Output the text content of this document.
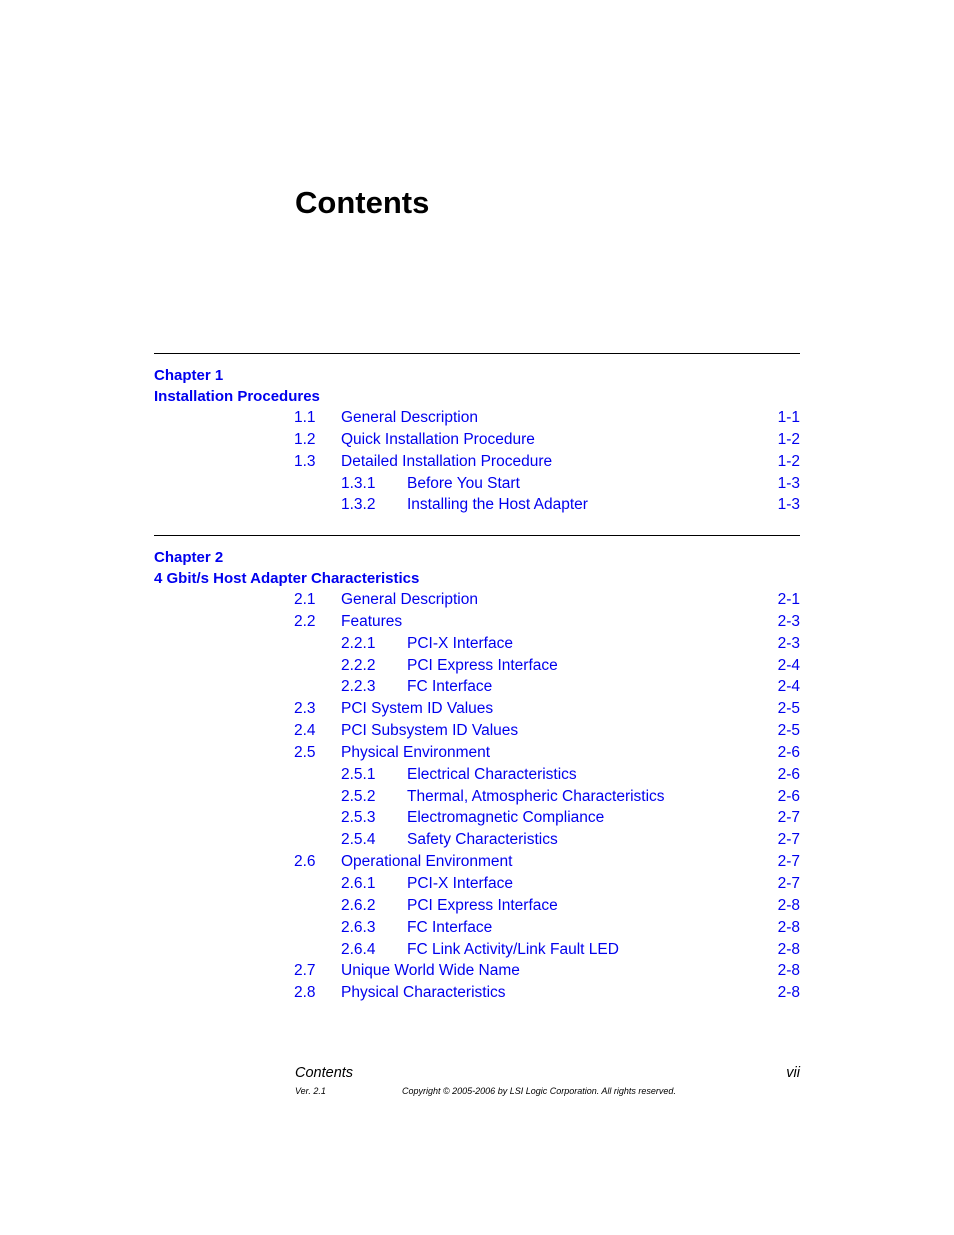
Contents
Chapter 1
Installation Procedures
1.1 General Description	1-1
1.2 Quick Installation Procedure	1-2
1.3 Detailed Installation Procedure	1-2
1.3.1 Before You Start	1-3
1.3.2 Installing the Host Adapter	1-3
Chapter 2
4 Gbit/s Host Adapter Characteristics
2.1 General Description	2-1
2.2 Features	2-3
2.2.1 PCI-X Interface	2-3
2.2.2 PCI Express Interface	2-4
2.2.3 FC Interface	2-4
2.3 PCI System ID Values	2-5
2.4 PCI Subsystem ID Values	2-5
2.5 Physical Environment	2-6
2.5.1 Electrical Characteristics	2-6
2.5.2 Thermal, Atmospheric Characteristics	2-6
2.5.3 Electromagnetic Compliance	2-7
2.5.4 Safety Characteristics	2-7
2.6 Operational Environment	2-7
2.6.1 PCI-X Interface	2-7
2.6.2 PCI Express Interface	2-8
2.6.3 FC Interface	2-8
2.6.4 FC Link Activity/Link Fault LED	2-8
2.7 Unique World Wide Name	2-8
2.8 Physical Characteristics	2-8
Contents	vii
Ver. 2.1	Copyright © 2005-2006 by LSI Logic Corporation. All rights reserved.
